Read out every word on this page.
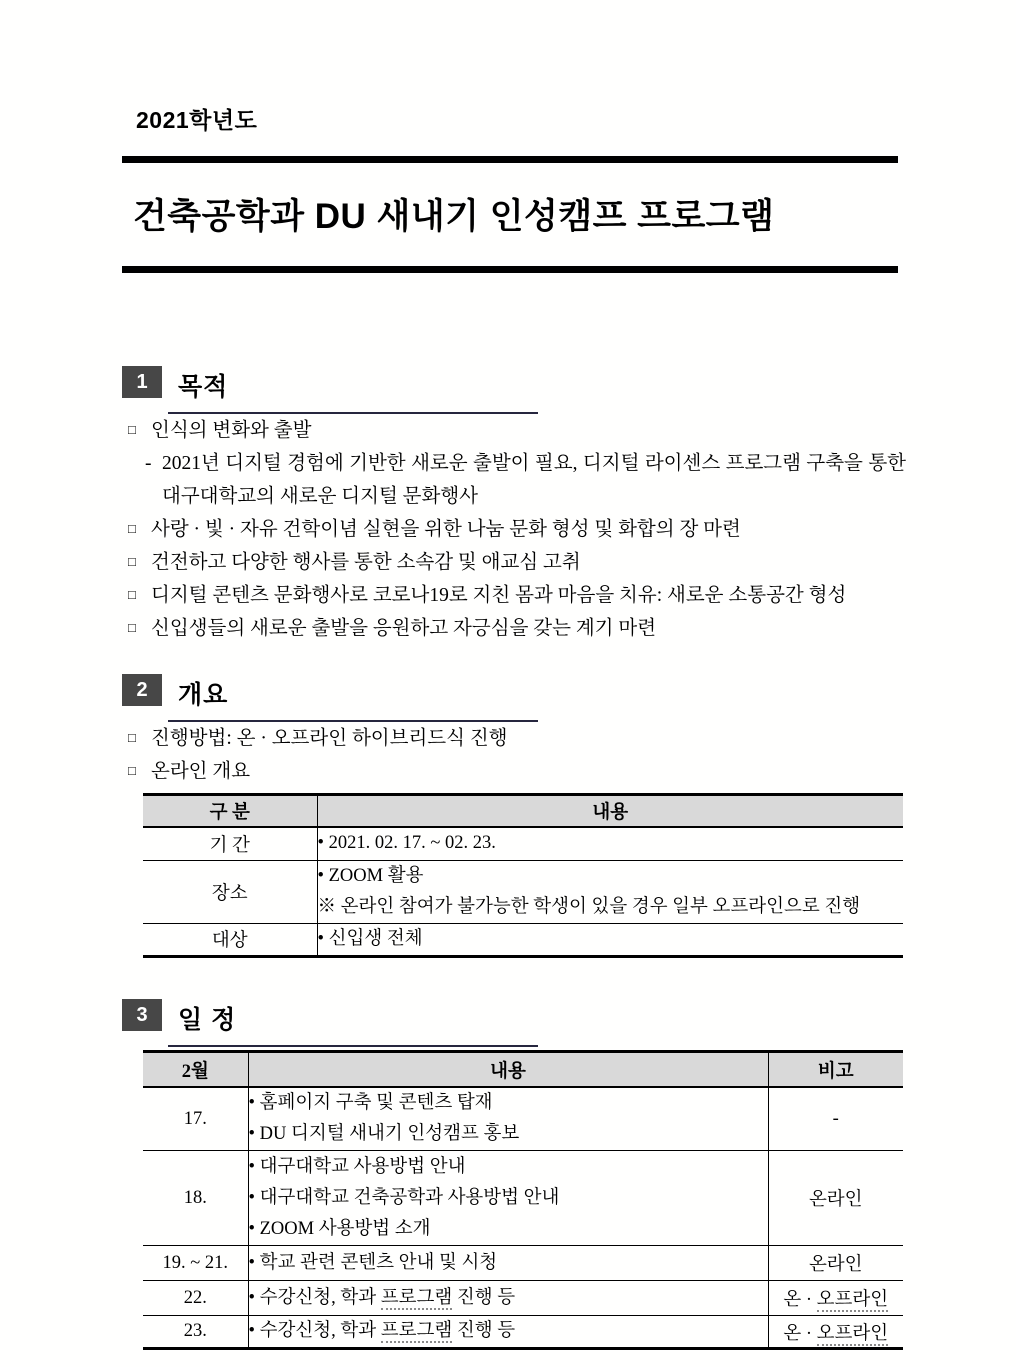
2021학년도
건축공학과 DU 새내기 인성캠프 프로그램
1	목적
□ 인식의 변화와 출발
- 2021년 디지털 경험에 기반한 새로운 출발이 필요, 디지털 라이센스 프로그램 구축을 통한 대구대학교의 새로운 디지털 문화행사
□ 사랑 · 빛 · 자유 건학이념 실현을 위한 나눔 문화 형성 및 화합의 장 마련
□ 건전하고 다양한 행사를 통한 소속감 및 애교심 고취
□ 디지털 콘텐츠 문화행사로 코로나19로 지친 몸과 마음을 치유: 새로운 소통공간 형성
□ 신입생들의 새로운 출발을 응원하고 자긍심을 갖는 계기 마련
2	개요
□ 진행방법: 온 · 오프라인 하이브리드식 진행
□ 온라인 개요
구 분	내용
기 간	• 2021. 02. 17. ~ 02. 23.

장소	• ZOOM 활용
※ 온라인 참여가 불가능한 학생이 있을 경우 일부 오프라인으로 진행

대상	• 신입생 전체
3	일 정
2월	내용	비고
17.	• 홈페이지 구축 및 콘텐츠 탑재
• DU 디지털 새내기 인성캠프 홍보	-
18.	• 대구대학교 사용방법 안내
• 대구대학교 건축공학과 사용방법 안내
• ZOOM 사용방법 소개	온라인
19. ~ 21.	• 학교 관련 콘텐츠 안내 및 시청	온라인
22.	• 수강신청, 학과 프로그램 진행 등	온 · 오프라인
23.	• 수강신청, 학과 프로그램 진행 등	온 · 오프라인
